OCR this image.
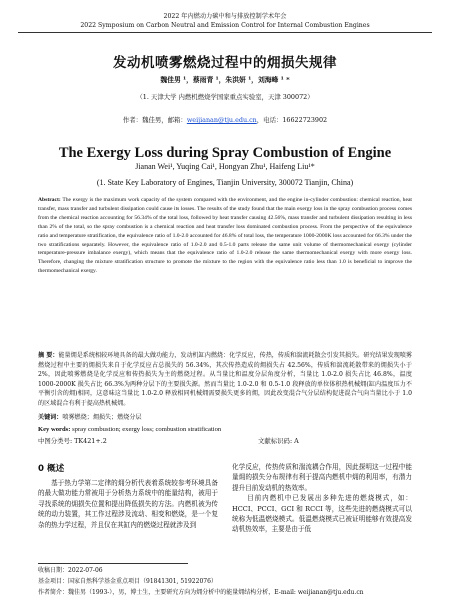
2022 年内燃动力碳中和与排放控制学术年会
2022 Symposium on Carbon Neutral and Emission Control for Internal Combustion Engines
发动机喷雾燃烧过程中的㶲损失规律
魏佳男 ¹，蔡雨青 ¹，朱洪妍 ¹，刘海峰 ¹ *
（1. 天津大学 内燃机燃烧学国家重点实验室，天津 300072）
作者：魏佳男，邮箱：weijianan@tju.edu.cn，电话：16622723902
The Exergy Loss during Spray Combustion of Engine
Jianan Wei¹, Yuqing Cai¹, Hongyan Zhu¹, Haifeng Liu¹*
(1. State Key Laboratory of Engines, Tianjin University, 300072 Tianjin, China)
Abstract: The exergy is the maximum work capacity of the system compared with the environment, and the engine in-cylinder combustion: chemical reaction, heat transfer, mass transfer and turbulent dissipation could cause its losses. The results of the study found that the main exergy loss in the spray combustion process comes from the chemical reaction accounting for 56.34% of the total loss, followed by heat transfer causing 42.56%, mass transfer and turbulent dissipation resulting in less than 2% of the total, so the spray combustion is a chemical reaction and heat transfer loss dominated combustion process. From the perspective of the equivalence ratio and temperature stratification, the equivalence ratio of 1.0-2.0 accounted for 46.8% of total loss, the temperature 1000-2000K loss accounted for 66.3% under the two stratifications separately. However, the equivalence ratio of 1.0-2.0 and 0.5-1.0 parts release the same unit volume of thermomechanical exergy (cylinder temperature-pressure imbalance exergy), which means that the equivalence ratio of 1.0-2.0 release the same thermomechanical exergy with more exergy loss. Therefore, changing the mixture stratification structure to promote the mixture to the region with the equivalence ratio less than 1.0 is beneficial to improve the thermomechanical exergy.
摘 要：能量㶲是系统相较环境具备的最大做功能力，发动机缸内燃烧：化学反应，传热，传质和湍流耗散会引发其损失。研究结果发现喷雾燃烧过程中主要的㶲损失来自于化学反应占总损失的 56.34%，其次传热造成的㶲损失占 42.56%，传质和湍流耗散带来的㶲损失小于 2%，因此喷雾燃烧是化学反应和传热损失为主的燃烧过程。从当量比和温度分层角度分析，当量比 1.0-2.0 损失占比 46.8%，温度 1000-2000K 损失占比 66.3%为两种分层下的主要损失源。然而当量比 1.0-2.0 和 0.5-1.0 段释放的单位体积热机械㶲(缸内温度压力不平衡引含的㶲)相同，这意味这当量比 1.0-2.0 释放相同机械㶲需要损失更多的㶲，因此改变混合气分层结构促进混合气向当量比小于 1.0 的区域混合有利于提高热机械㶲。
关键词：喷雾燃烧；㶲损失；燃烧分层
Key words: spray combustion; exergy loss; combustion stratification
中图分类号: TK421+.2	文献标识码: A
0 概述
基于热力学第二定律的㶲分析代表着系统较参考环境具备的最大做功能力常被用于分析热力系统中的能量结构，被用于寻找系统的㶲损失位置和提出降低损失的方法。内燃机被为传统的动力装置，其工作过程涉及流动、相变和燃烧，是一个复杂的热力学过程，并且仅在其缸内的燃烧过程就涉及到
化学反应，传热传质和湍流耦合作用，因此探明这一过程中能量㶲的损失分布规律有利于提高内燃机中㶲的利用率，有潜力提升目前发动机的热效率。
　　目前内燃机中已发展出多种先进的燃烧模式，如：HCCI、PCCI、GCI 和 RCCI 等，这些先进的燃烧模式可以统称为低温燃烧模式。低温燃烧模式已被证明能够有效提高发动机热效率，主要是由于低
收稿日期：2022-07-06
基金项目：国家自然科学基金重点项目（91841301, 51922076）
作者简介：魏佳男（1993-），男，博士生，主要研究方向为㶲分析中的能量㶲结构分析，E-mail: weijianan@tju.edu.cn
